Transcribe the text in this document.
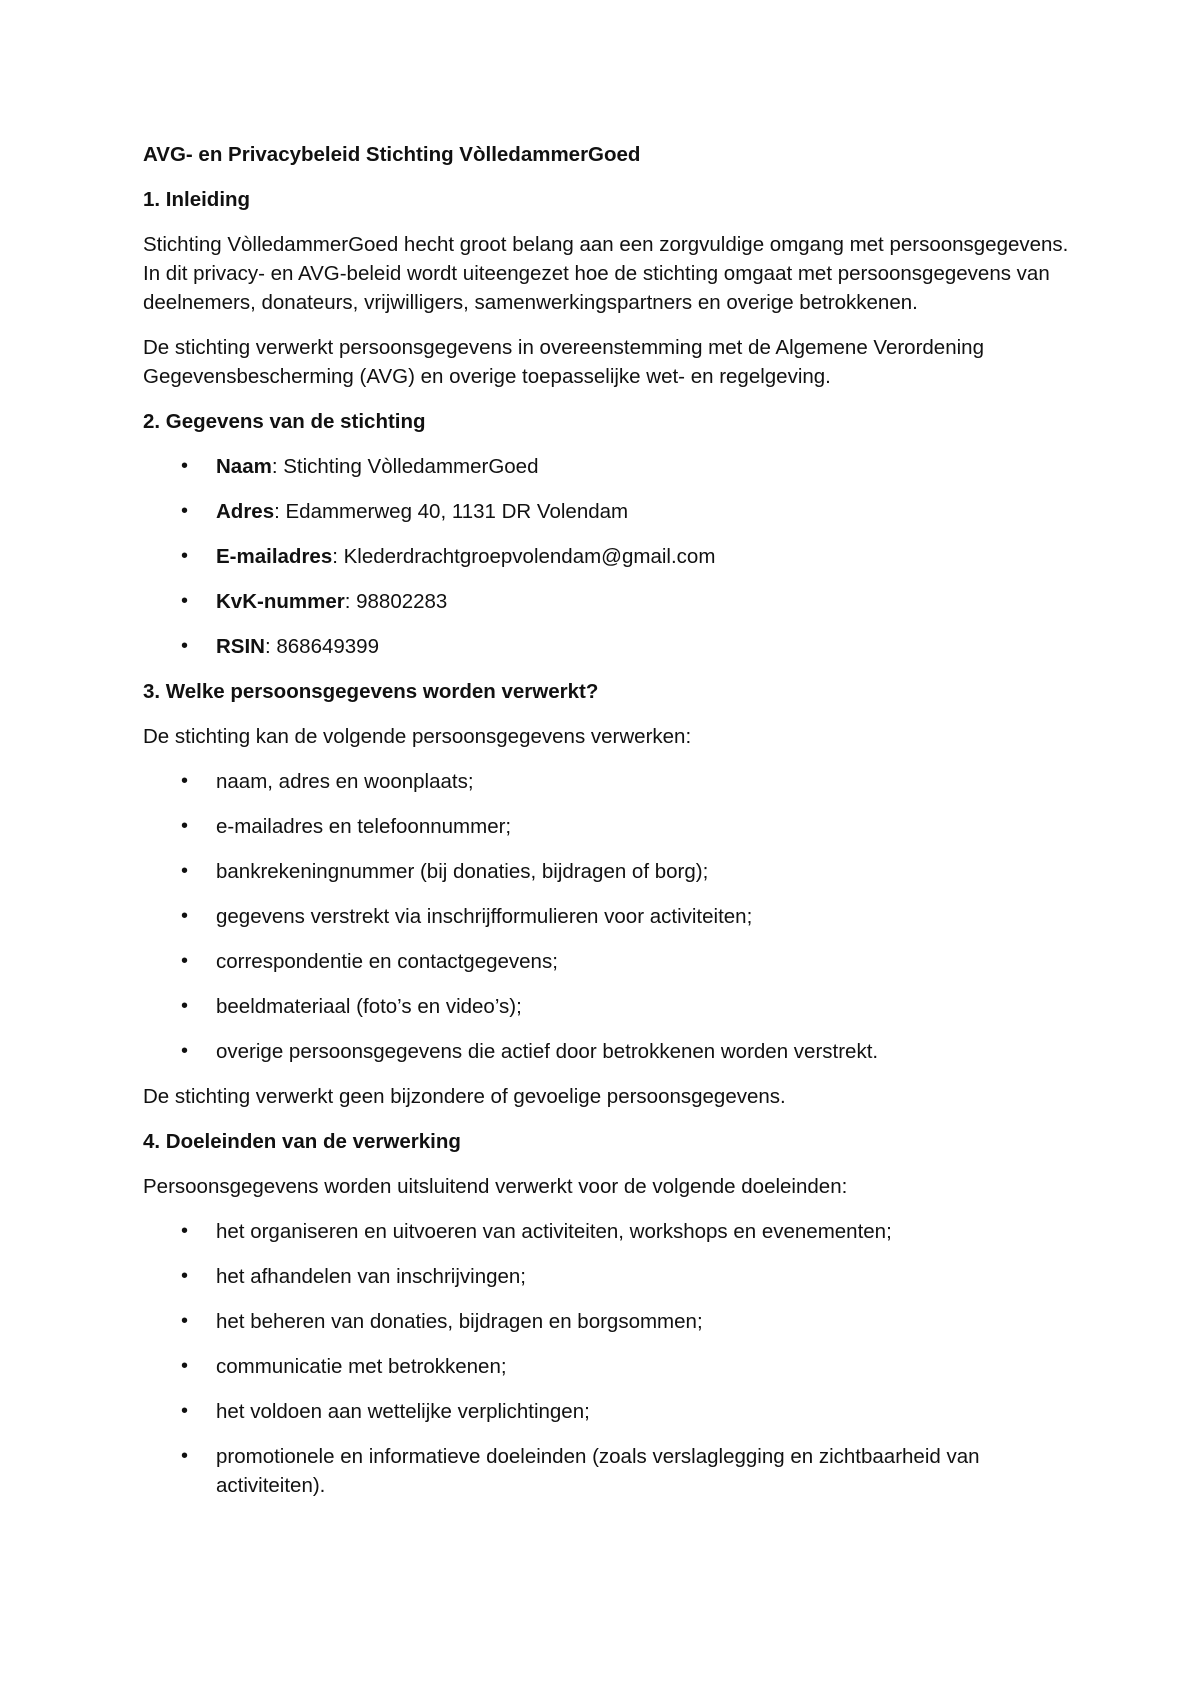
AVG- en Privacybeleid Stichting VòlledammerGoed

1. Inleiding

Stichting VòlledammerGoed hecht groot belang aan een zorgvuldige omgang met persoonsgegevens. In dit privacy- en AVG-beleid wordt uiteengezet hoe de stichting omgaat met persoonsgegevens van deelnemers, donateurs, vrijwilligers, samenwerkingspartners en overige betrokkenen.

De stichting verwerkt persoonsgegevens in overeenstemming met de Algemene Verordening Gegevensbescherming (AVG) en overige toepasselijke wet- en regelgeving.

2. Gegevens van de stichting

• Naam: Stichting VòlledammerGoed
• Adres: Edammerweg 40, 1131 DR Volendam
• E-mailadres: Klederdrachtgroepvolendam@gmail.com
• KvK-nummer: 98802283
• RSIN: 868649399

3. Welke persoonsgegevens worden verwerkt?

De stichting kan de volgende persoonsgegevens verwerken:

• naam, adres en woonplaats;
• e-mailadres en telefoonnummer;
• bankrekeningnummer (bij donaties, bijdragen of borg);
• gegevens verstrekt via inschrijfformulieren voor activiteiten;
• correspondentie en contactgegevens;
• beeldmateriaal (foto’s en video’s);
• overige persoonsgegevens die actief door betrokkenen worden verstrekt.

De stichting verwerkt geen bijzondere of gevoelige persoonsgegevens.

4. Doeleinden van de verwerking

Persoonsgegevens worden uitsluitend verwerkt voor de volgende doeleinden:

• het organiseren en uitvoeren van activiteiten, workshops en evenementen;
• het afhandelen van inschrijvingen;
• het beheren van donaties, bijdragen en borgsommen;
• communicatie met betrokkenen;
• het voldoen aan wettelijke verplichtingen;
• promotionele en informatieve doeleinden (zoals verslaglegging en zichtbaarheid van activiteiten).
